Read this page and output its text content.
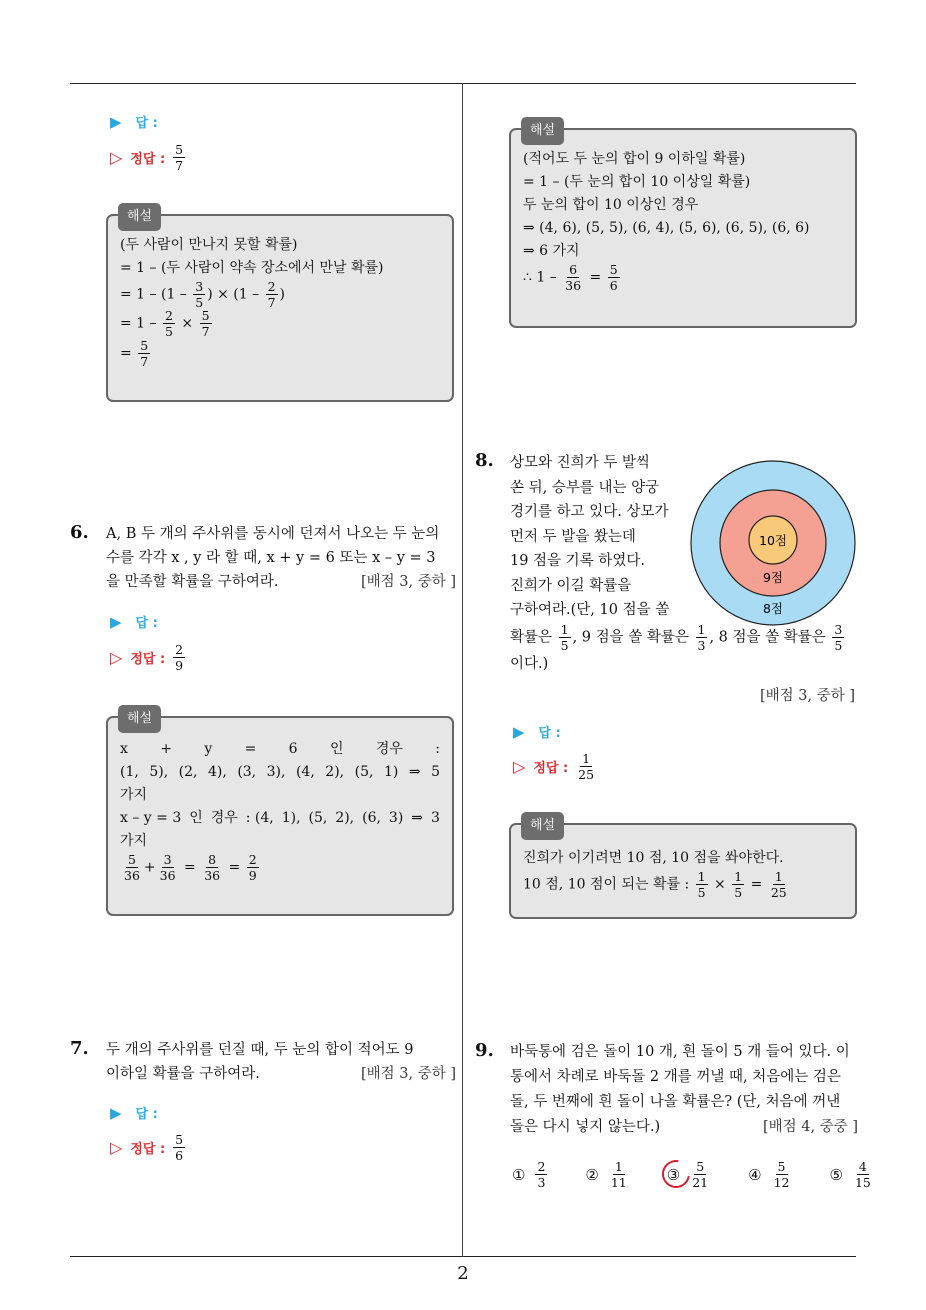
2
▶ 답 :
▷ 정답 : $\frac{5}{7}$
해설
(두 사람이 만나지 못할 확률)
= 1 – (두 사람이 약속 장소에서 만날 확률)
= $1 - (1 - \frac{3}{5}$ ) × ($1 - \frac{2}{7}$ )
= $1 - \frac{2}{5} \times \frac{5}{7}$
= $\frac{5}{7}$
6. A, B 두 개의 주사위를 동시에 던져서 나오는 두 눈의
수를 각각 x , y 라 할 때, x + y = 6 또는 x – y = 3
을 만족할 확률을 구하여라.	[배점 3, 중하 ]
▶ 답 :
▷ 정답 : $\frac{2}{9}$
해설
x + y = 6 인 경우 :
(1, 5), (2, 4), (3, 3), (4, 2), (5, 1) ⇒ 5
가지
x – y = 3 인 경우 : (4, 1), (5, 2), (6, 3) ⇒ 3
가지
$\frac{5}{36} + \frac{3}{36} = \frac{8}{36} = \frac{2}{9}$
7. 두 개의 주사위를 던질 때, 두 눈의 합이 적어도 9
이하일 확률을 구하여라.	[배점 3, 중하 ]
▶ 답 :
▷ 정답 : $\frac{5}{6}$
해설
(적어도 두 눈의 합이 9 이하일 확률)
= 1 – (두 눈의 합이 10 이상일 확률)
두 눈의 합이 10 이상인 경우
⇒ (4, 6), (5, 5), (6, 4), (5, 6), (6, 5), (6, 6)
⇒ 6 가지
∴ $1 - \frac{6}{36} = \frac{5}{6}$
8. 상모와 진희가 두 발씩
쏜 뒤, 승부를 내는 양궁
경기를 하고 있다. 상모가
먼저 두 발을 쐈는데
19 점을 기록 하였다.
진희가 이길 확률을
구하여라.(단, 10 점을 쏠
확률은 $\frac{1}{5}$ , 9 점을 쏠 확률은 $\frac{1}{3}$ , 8 점을 쏠 확률은 $\frac{3}{5}$
이다.)
[배점 3, 중하 ]
10점
9점
8점
▶ 답 :
▷ 정답 : $\frac{1}{25}$
해설
진희가 이기려면 10 점, 10 점을 쏴야한다.
10 점, 10 점이 되는 확률 : $\frac{1}{5} \times \frac{1}{5} = \frac{1}{25}$
9. 바둑통에 검은 돌이 10 개, 흰 돌이 5 개 들어 있다. 이
통에서 차례로 바둑돌 2 개를 꺼낼 때, 처음에는 검은
돌, 두 번째에 흰 돌이 나올 확률은? (단, 처음에 꺼낸
돌은 다시 넣지 않는다.)	[배점 4, 중중 ]
① $\frac{2}{3}$	② $\frac{1}{11}$	③ $\frac{5}{21}$	④ $\frac{5}{12}$	⑤ $\frac{4}{15}$
